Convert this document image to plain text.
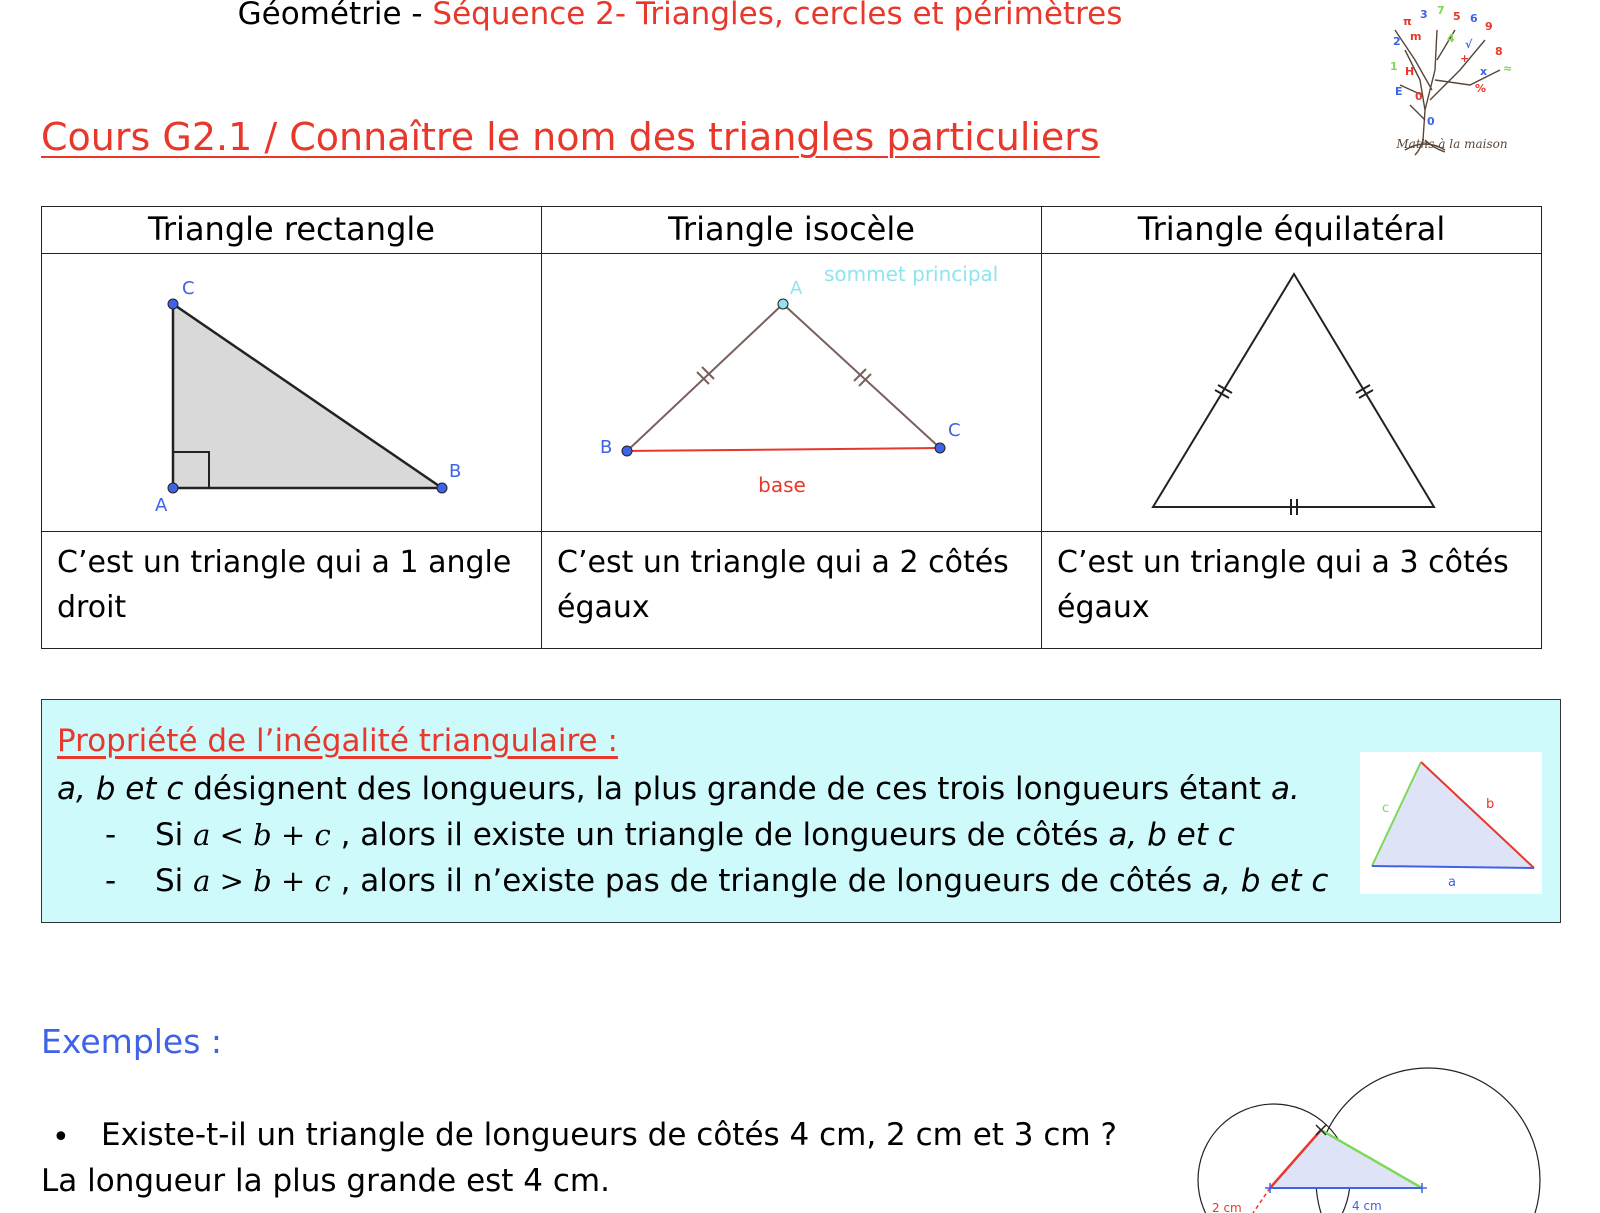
Géométrie - Séquence 2- Triangles, cercles et périmètres	π
3 7 5 6
9
2 m 4 √
8
1 H
+
x ≈
E 0
%
0
Maths à la maison
Cours G2.1 / Connaître le nom des triangles particuliers
Triangle rectangle	Triangle isocèle	Triangle équilatéral

C
A
B	A
sommet principal
B
C
base

C’est un triangle qui a 1 angle droit	C’est un triangle qui a 2 côtés égaux	C’est un triangle qui a 3 côtés égaux
Propriété de l’inégalité triangulaire :
a, b et c désignent des longueurs, la plus grande de ces trois longueurs étant a.
- Si a < b + c , alors il existe un triangle de longueurs de côtés a, b et c
- Si a > b + c , alors il n’existe pas de triangle de longueurs de côtés a, b et c
c	b
a
Exemples :
• Existe-t-il un triangle de longueurs de côtés 4 cm, 2 cm et 3 cm ?
La longueur la plus grande est 4 cm.
2 cm	4 cm
